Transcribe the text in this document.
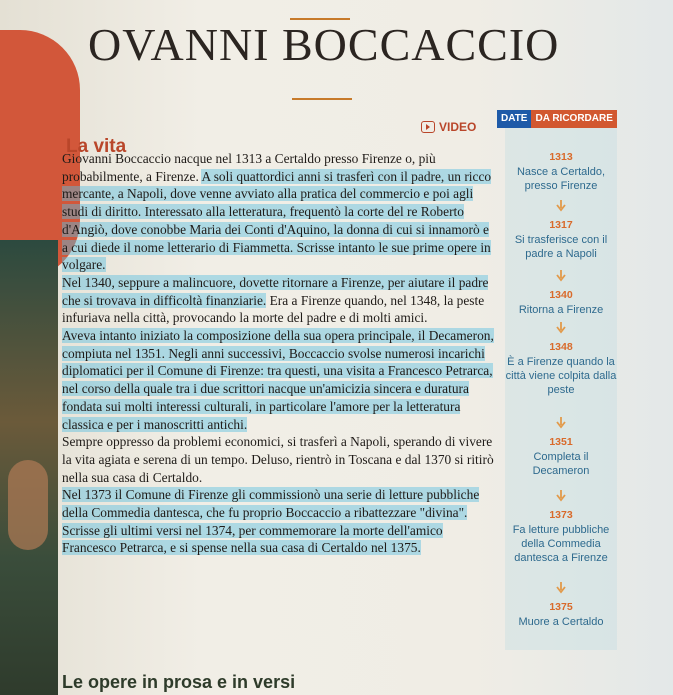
OVANNI BOCCACCIO
La vita
VIDEO

Giovanni Boccaccio nacque nel 1313 a Certaldo presso Firenze o, più probabilmente, a Firenze. A soli quattordici anni si trasferì con il padre, un ricco mercante, a Napoli, dove venne avviato alla pratica del commercio e poi agli studi di diritto. Interessato alla letteratura, frequentò la corte del re Roberto d'Angiò, dove conobbe Maria dei Conti d'Aquino, la donna di cui si innamorò e a cui diede il nome letterario di Fiammetta. Scrisse intanto le sue prime opere in volgare.

Nel 1340, seppure a malincuore, dovette ritornare a Firenze, per aiutare il padre che si trovava in difficoltà finanziarie. Era a Firenze quando, nel 1348, la peste infuriava nella città, provocando la morte del padre e di molti amici.

Aveva intanto iniziato la composizione della sua opera principale, il Decameron, compiuta nel 1351. Negli anni successivi, Boccaccio svolse numerosi incarichi diplomatici per il Comune di Firenze: tra questi, una visita a Francesco Petrarca, nel corso della quale tra i due scrittori nacque un'amicizia sincera e duratura fondata sui molti interessi culturali, in particolare l'amore per la letteratura classica e per i manoscritti antichi.

Sempre oppresso da problemi economici, si trasferì a Napoli, sperando di vivere la vita agiata e serena di un tempo. Deluso, rientrò in Toscana e dal 1370 si ritirò nella sua casa di Certaldo.

Nel 1373 il Comune di Firenze gli commissionò una serie di letture pubbliche della Commedia dantesca, che fu proprio Boccaccio a ribattezzare "divina". Scrisse gli ultimi versi nel 1374, per commemorare la morte dell'amico Francesco Petrarca, e si spense nella sua casa di Certaldo nel 1375.

DATE DA RICORDARE
1313
Nasce a Certaldo, presso Firenze
1317
Si trasferisce con il padre a Napoli
1340
Ritorna a Firenze
1348
È a Firenze quando la città viene colpita dalla peste
1351
Completa il Decameron
1373
Fa letture pubbliche della Commedia dantesca a Firenze
1375
Muore a Certaldo
Le opere in prosa e in versi
